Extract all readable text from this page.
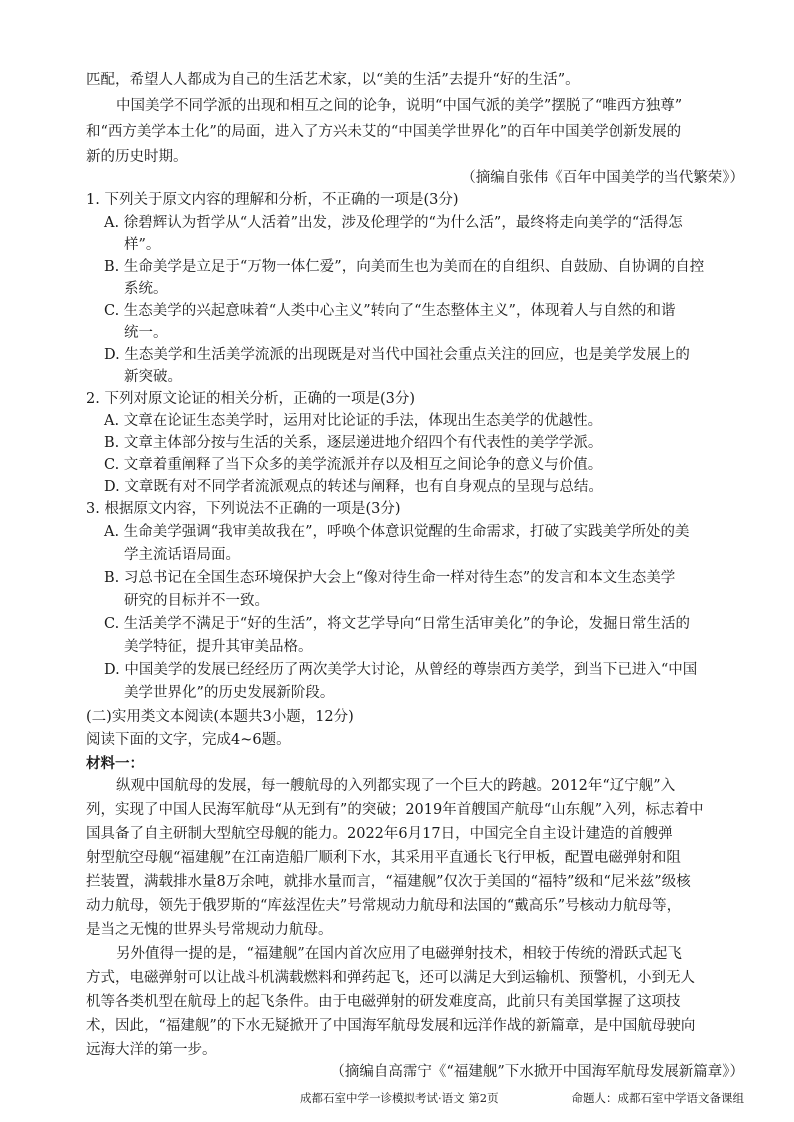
匹配，希望人人都成为自己的生活艺术家，以“美的生活”去提升“好的生活”。
中国美学不同学派的出现和相互之间的论争，说明“中国气派的美学”摆脱了“唯西方独尊”
和“西方美学本土化”的局面，进入了方兴未艾的“中国美学世界化”的百年中国美学创新发展的
新的历史时期。
（摘编自张伟《百年中国美学的当代繁荣》）
1. 下列关于原文内容的理解和分析，不正确的一项是(3分)
A. 徐碧辉认为哲学从“人活着”出发，涉及伦理学的“为什么活”，最终将走向美学的“活得怎
样”。
B. 生命美学是立足于“万物一体仁爱”，向美而生也为美而在的自组织、自鼓励、自协调的自控
系统。
C. 生态美学的兴起意味着“人类中心主义”转向了“生态整体主义”，体现着人与自然的和谐
统一。
D. 生态美学和生活美学流派的出现既是对当代中国社会重点关注的回应，也是美学发展上的
新突破。
2. 下列对原文论证的相关分析，正确的一项是(3分)
A. 文章在论证生态美学时，运用对比论证的手法，体现出生态美学的优越性。
B. 文章主体部分按与生活的关系，逐层递进地介绍四个有代表性的美学学派。
C. 文章着重阐释了当下众多的美学流派并存以及相互之间论争的意义与价值。
D. 文章既有对不同学者流派观点的转述与阐释，也有自身观点的呈现与总结。
3. 根据原文内容，下列说法不正确的一项是(3分)
A. 生命美学强调“我审美故我在”，呼唤个体意识觉醒的生命需求，打破了实践美学所处的美
学主流话语局面。
B. 习总书记在全国生态环境保护大会上“像对待生命一样对待生态”的发言和本文生态美学
研究的目标并不一致。
C. 生活美学不满足于“好的生活”，将文艺学导向“日常生活审美化”的争论，发掘日常生活的
美学特征，提升其审美品格。
D. 中国美学的发展已经经历了两次美学大讨论，从曾经的尊崇西方美学，到当下已进入“中国
美学世界化”的历史发展新阶段。
(二)实用类文本阅读(本题共3小题，12分)
阅读下面的文字，完成4~6题。
材料一：
纵观中国航母的发展，每一艘航母的入列都实现了一个巨大的跨越。2012年“辽宁舰”入
列，实现了中国人民海军航母“从无到有”的突破；2019年首艘国产航母“山东舰”入列，标志着中
国具备了自主研制大型航空母舰的能力。2022年6月17日，中国完全自主设计建造的首艘弹
射型航空母舰“福建舰”在江南造船厂顺利下水，其采用平直通长飞行甲板，配置电磁弹射和阻
拦装置，满载排水量8万余吨，就排水量而言，“福建舰”仅次于美国的“福特”级和“尼米兹”级核
动力航母，领先于俄罗斯的“库兹涅佐夫”号常规动力航母和法国的“戴高乐”号核动力航母等，
是当之无愧的世界头号常规动力航母。
另外值得一提的是，“福建舰”在国内首次应用了电磁弹射技术，相较于传统的滑跃式起飞
方式，电磁弹射可以让战斗机满载燃料和弹药起飞，还可以满足大到运输机、预警机，小到无人
机等各类机型在航母上的起飞条件。由于电磁弹射的研发难度高，此前只有美国掌握了这项技
术，因此，“福建舰”的下水无疑掀开了中国海军航母发展和远洋作战的新篇章，是中国航母驶向
远海大洋的第一步。
（摘编自高霈宁《“福建舰”下水掀开中国海军航母发展新篇章》）
成都石室中学一诊模拟考试·语文 第2页	命题人：成都石室中学语文备课组
